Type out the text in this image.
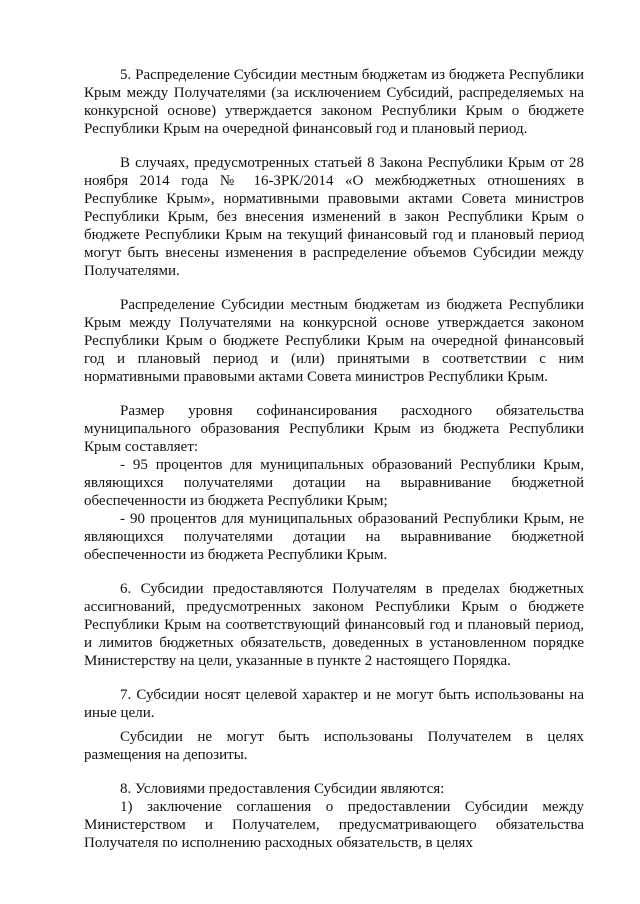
5. Распределение Субсидии местным бюджетам из бюджета Республики Крым между Получателями (за исключением Субсидий, распределяемых на конкурсной основе) утверждается законом Республики Крым о бюджете Республики Крым на очередной финансовый год и плановый период.

В случаях, предусмотренных статьей 8 Закона Республики Крым от 28 ноября 2014 года № 16-ЗРК/2014 «О межбюджетных отношениях в Республике Крым», нормативными правовыми актами Совета министров Республики Крым, без внесения изменений в закон Республики Крым о бюджете Республики Крым на текущий финансовый год и плановый период могут быть внесены изменения в распределение объемов Субсидии между Получателями.

Распределение Субсидии местным бюджетам из бюджета Республики Крым между Получателями на конкурсной основе утверждается законом Республики Крым о бюджете Республики Крым на очередной финансовый год и плановый период и (или) принятыми в соответствии с ним нормативными правовыми актами Совета министров Республики Крым.

Размер уровня софинансирования расходного обязательства муниципального образования Республики Крым из бюджета Республики Крым составляет:

- 95 процентов для муниципальных образований Республики Крым, являющихся получателями дотации на выравнивание бюджетной обеспеченности из бюджета Республики Крым;

- 90 процентов для муниципальных образований Республики Крым, не являющихся получателями дотации на выравнивание бюджетной обеспеченности из бюджета Республики Крым.

6. Субсидии предоставляются Получателям в пределах бюджетных ассигнований, предусмотренных законом Республики Крым о бюджете Республики Крым на соответствующий финансовый год и плановый период, и лимитов бюджетных обязательств, доведенных в установленном порядке Министерству на цели, указанные в пункте 2 настоящего Порядка.

7. Субсидии носят целевой характер и не могут быть использованы на иные цели.

Субсидии не могут быть использованы Получателем в целях размещения на депозиты.

8. Условиями предоставления Субсидии являются:

1) заключение соглашения о предоставлении Субсидии между Министерством и Получателем, предусматривающего обязательства Получателя по исполнению расходных обязательств, в целях
